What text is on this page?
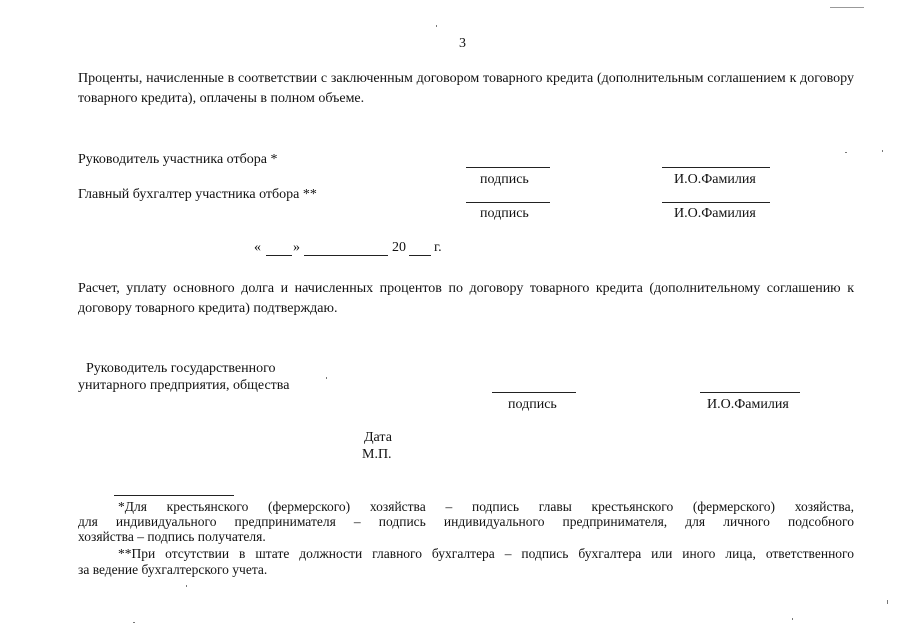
3
Проценты, начисленные в соответствии с заключенным договором товарного кредита (дополнительным соглашением к договору товарного кредита), оплачены в полном объеме.
Руководитель участника отбора *
Главный бухгалтер участника отбора **
подпись	И.О.Фамилия
подпись	И.О.Фамилия
« »	20 г.
Расчет, уплату основного долга и начисленных процентов по договору товарного кредита (дополнительному соглашению к договору товарного кредита) подтверждаю.
Руководитель государственного
унитарного предприятия, общества
подпись	И.О.Фамилия
Дата
М.П.
*Для крестьянского (фермерского) хозяйства – подпись главы крестьянского (фермерского) хозяйства,
для индивидуального предпринимателя – подпись индивидуального предпринимателя, для личного подсобного
хозяйства – подпись получателя.
**При отсутствии в штате должности главного бухгалтера – подпись бухгалтера или иного лица, ответственного
за ведение бухгалтерского учета.
